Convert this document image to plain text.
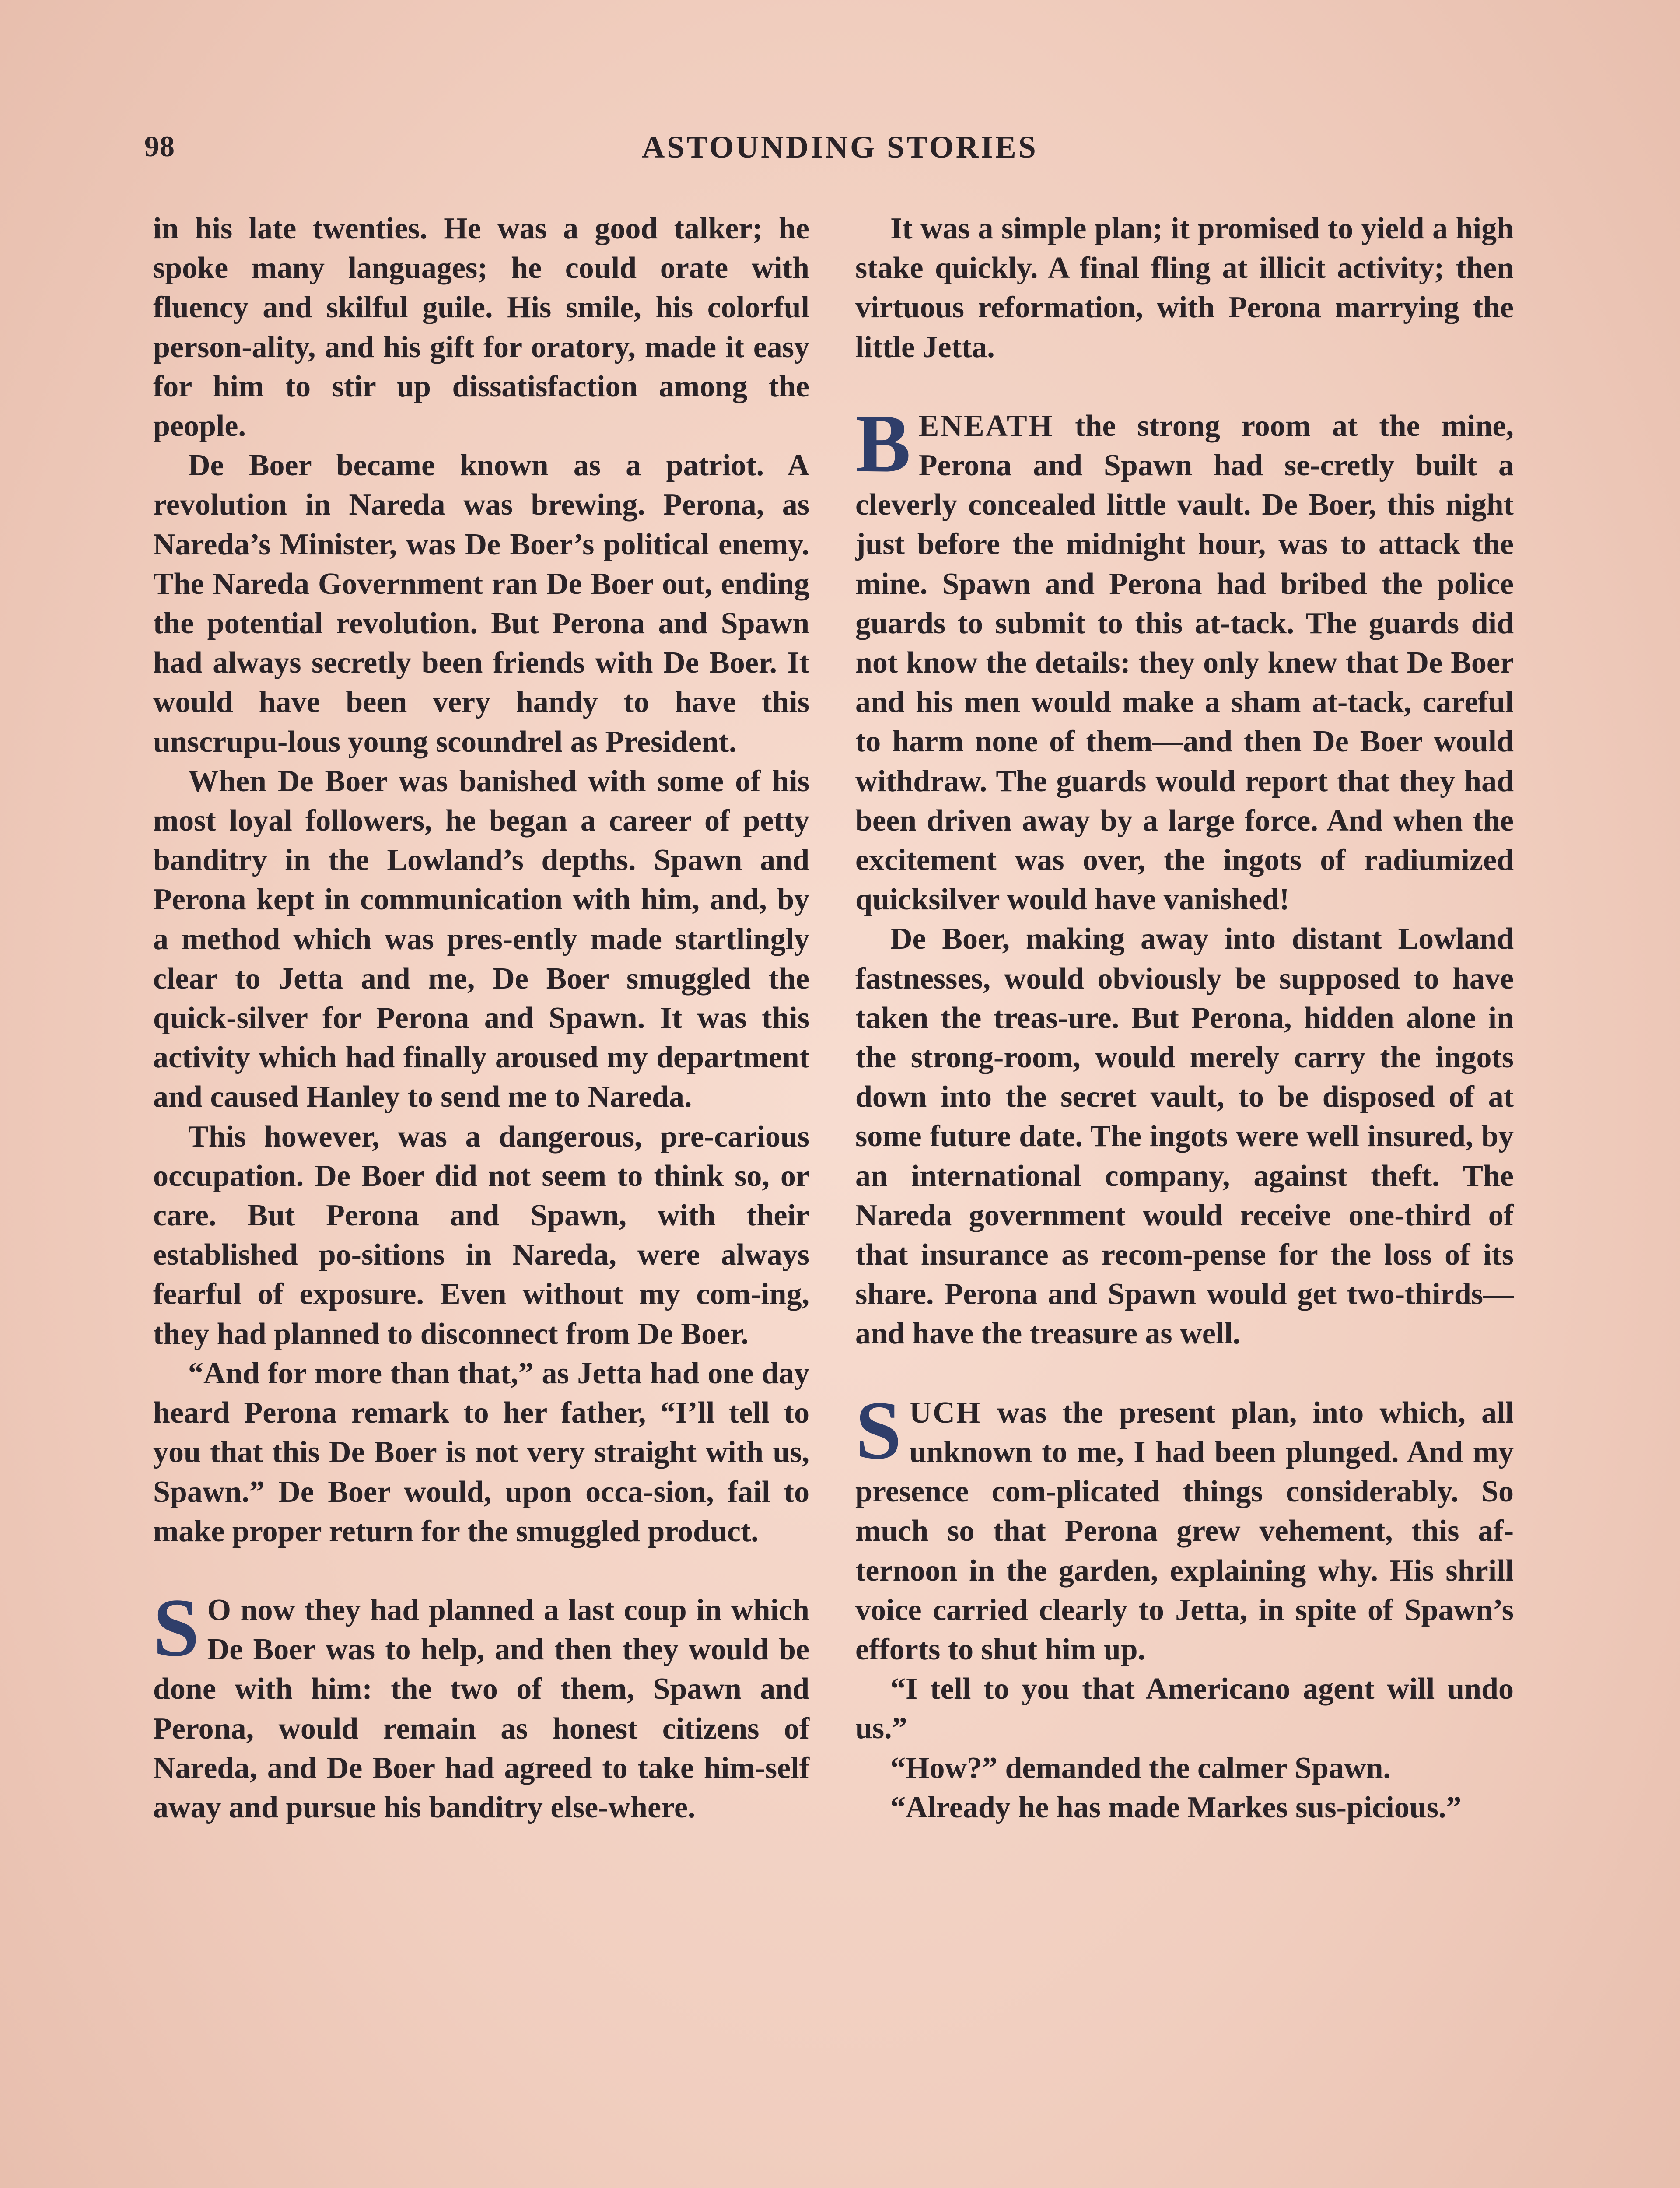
98	ASTOUNDING STORIES

in his late twenties. He was a good talker; he spoke many languages; he could orate with fluency and skilful guile. His smile, his colorful person-ality, and his gift for oratory, made it easy for him to stir up dissatisfaction among the people.

De Boer became known as a patriot. A revolution in Nareda was brewing. Perona, as Nareda’s Minister, was De Boer’s political enemy. The Nareda Government ran De Boer out, ending the potential revolution. But Perona and Spawn had always secretly been friends with De Boer. It would have been very handy to have this unscrupu-lous young scoundrel as President.

When De Boer was banished with some of his most loyal followers, he began a career of petty banditry in the Lowland’s depths. Spawn and Perona kept in communication with him, and, by a method which was pres-ently made startlingly clear to Jetta and me, De Boer smuggled the quick-silver for Perona and Spawn. It was this activity which had finally aroused my department and caused Hanley to send me to Nareda.

This however, was a dangerous, pre-carious occupation. De Boer did not seem to think so, or care. But Perona and Spawn, with their established po-sitions in Nareda, were always fearful of exposure. Even without my com-ing, they had planned to disconnect from De Boer.

“And for more than that,” as Jetta had one day heard Perona remark to her father, “I’ll tell to you that this De Boer is not very straight with us, Spawn.” De Boer would, upon occa-sion, fail to make proper return for the smuggled product.

S O now they had planned a last coup in which De Boer was to help, and then they would be done with him: the two of them, Spawn and Perona, would remain as honest citizens of Nareda, and De Boer had agreed to take him-self away and pursue his banditry else-where.

It was a simple plan; it promised to yield a high stake quickly. A final fling at illicit activity; then virtuous reformation, with Perona marrying the little Jetta.

BENEATH the strong room at the mine, Perona and Spawn had se-cretly built a cleverly concealed little vault. De Boer, this night just before the midnight hour, was to attack the mine. Spawn and Perona had bribed the police guards to submit to this at-tack. The guards did not know the details: they only knew that De Boer and his men would make a sham at-tack, careful to harm none of them—and then De Boer would withdraw. The guards would report that they had been driven away by a large force. And when the excitement was over, the ingots of radiumized quicksilver would have vanished!

De Boer, making away into distant Lowland fastnesses, would obviously be supposed to have taken the treas-ure. But Perona, hidden alone in the strong-room, would merely carry the ingots down into the secret vault, to be disposed of at some future date. The ingots were well insured, by an international company, against theft. The Nareda government would receive one-third of that insurance as recom-pense for the loss of its share. Perona and Spawn would get two-thirds—and have the treasure as well.

SUCH was the present plan, into which, all unknown to me, I had been plunged. And my presence com-plicated things considerably. So much so that Perona grew vehement, this af-ternoon in the garden, explaining why. His shrill voice carried clearly to Jetta, in spite of Spawn’s efforts to shut him up.

“I tell to you that Americano agent will undo us.”

“How?” demanded the calmer Spawn.

“Already he has made Markes sus-picious.”
